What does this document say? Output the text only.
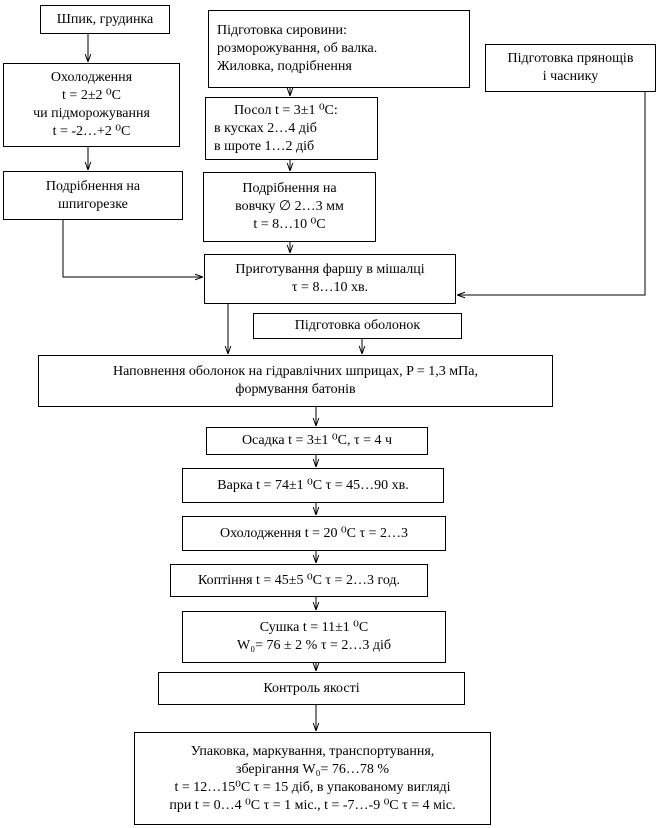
Шпик, грудинка
Охолодження
t = 2±2 ⁰C
чи підморожування
t = -2…+2 ⁰C
Подрібнення на
шпигорезке
Підготовка сировини:
розморожування, об валка.
Жиловка, подрібнення
Підготовка прянощів
і часнику
Посол t = 3±1 ⁰C:
в кусках 2…4 діб
в шроте 1…2 діб
Подрібнення на
вовчку ∅ 2…3 мм
t = 8…10 ⁰C
Приготування фаршу в мішалці
τ = 8…10 хв.
Підготовка оболонок
Наповнення оболонок на гідравлічних шприцах, P = 1,3 мПа,
формування батонів
Осадка t = 3±1 ⁰C, τ = 4 ч
Варка t = 74±1 ⁰C τ = 45…90 хв.
Охолодження t = 20 ⁰C τ = 2…3
Коптіння t = 45±5 ⁰C τ = 2…3 год.
Сушка t = 11±1 ⁰C
W₀= 76 ± 2 % τ = 2…3 діб
Контроль якості
Упаковка, маркування, транспортування,
зберігання W₀= 76…78 %
t = 12…15⁰C τ = 15 діб, в упакованому вигляді
при t = 0…4 ⁰C τ = 1 міс., t = -7…-9 ⁰C τ = 4 міс.
